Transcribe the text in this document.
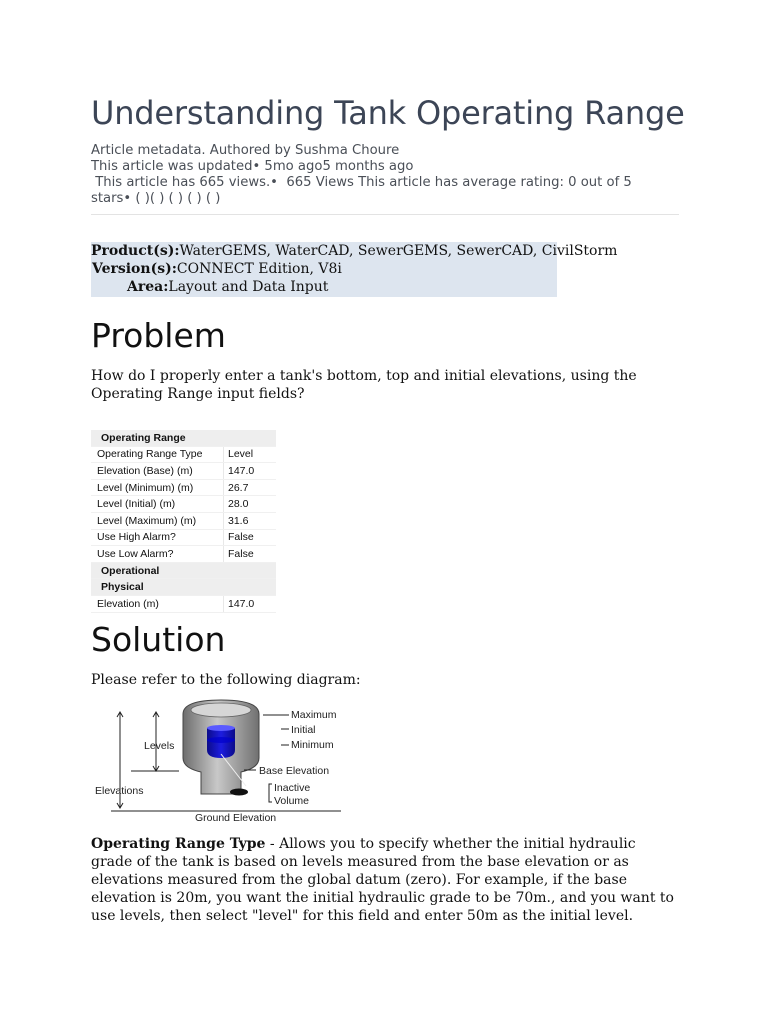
Understanding Tank Operating Range
Article metadata. Authored by Sushma Choure
This article was updated• 5mo ago5 months ago
This article has 665 views.•  665 Views This article has average rating: 0 out of 5
stars• ( )( ) ( ) ( ) ( )
Product(s):WaterGEMS, WaterCAD, SewerGEMS, SewerCAD, CivilStorm
Version(s):CONNECT Edition, V8i
Area:Layout and Data Input
Problem

How do I properly enter a tank's bottom, top and initial elevations, using the Operating Range input fields?

Operating Range	
Operating Range Type	Level
Elevation (Base) (m)	147.0
Level (Minimum) (m)	26.7
Level (Initial) (m)	28.0
Level (Maximum) (m)	31.6
Use High Alarm?	False
Use Low Alarm?	False
Operational	
Physical	
Elevation (m)	147.0
Solution

Please refer to the following diagram:

Maximum
Initial
Minimum
Base Elevation
Inactive
Volume
Levels
Elevations
Ground Elevation

Operating Range Type - Allows you to specify whether the initial hydraulic grade of the tank is based on levels measured from the base elevation or as elevations measured from the global datum (zero). For example, if the base elevation is 20m, you want the initial hydraulic grade to be 70m., and you want to use levels, then select "level" for this field and enter 50m as the initial level.
